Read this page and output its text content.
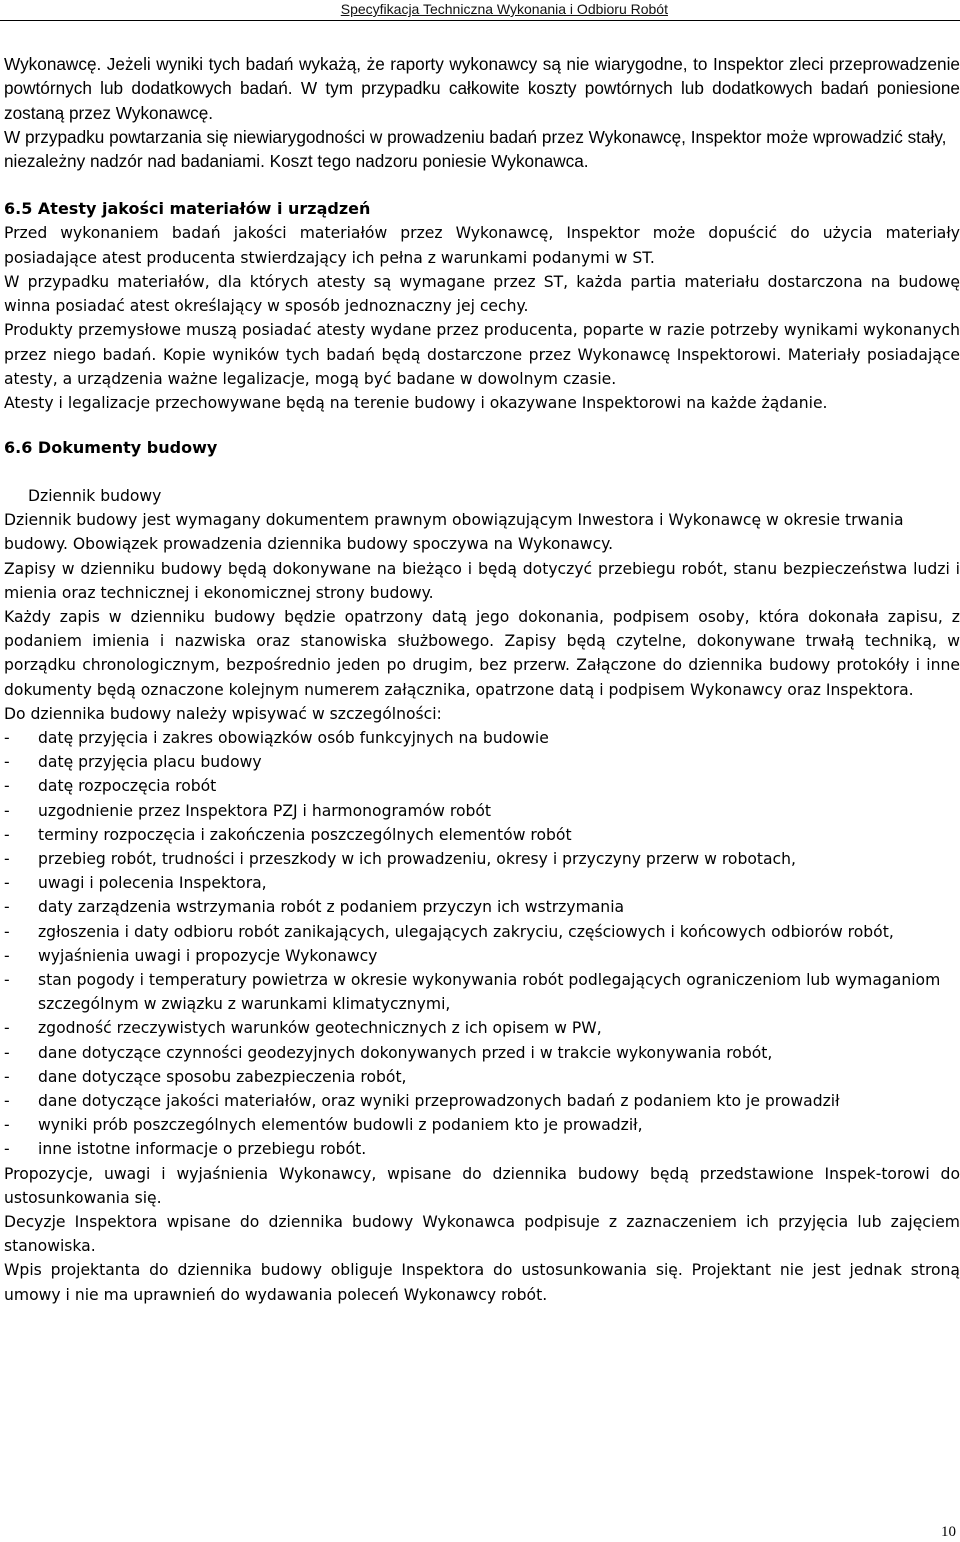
Specyfikacja Techniczna Wykonania i Odbioru Robót

Wykonawcę. Jeżeli wyniki tych badań wykażą, że raporty wykonawcy są nie wiarygodne, to Inspektor zleci przeprowadzenie powtórnych lub dodatkowych badań. W tym przypadku całkowite koszty powtórnych lub dodatkowych badań poniesione zostaną przez Wykonawcę.

W przypadku powtarzania się niewiarygodności w prowadzeniu badań przez Wykonawcę, Inspektor może wprowadzić stały, niezależny nadzór nad badaniami. Koszt tego nadzoru poniesie Wykonawca.

6.5 Atesty jakości materiałów i urządzeń

Przed wykonaniem badań jakości materiałów przez Wykonawcę, Inspektor może dopuścić do użycia materiały posiadające atest producenta stwierdzający ich pełna z warunkami podanymi w ST.

W przypadku materiałów, dla których atesty są wymagane przez ST, każda partia materiału dostarczona na budowę winna posiadać atest określający w sposób jednoznaczny jej cechy.

Produkty przemysłowe muszą posiadać atesty wydane przez producenta, poparte w razie potrzeby wynikami wykonanych przez niego badań. Kopie wyników tych badań będą dostarczone przez Wykonawcę Inspektorowi. Materiały posiadające atesty, a urządzenia ważne legalizacje, mogą być badane w dowolnym czasie.

Atesty i legalizacje przechowywane będą na terenie budowy i okazywane Inspektorowi na każde żądanie.

6.6 Dokumenty budowy

Dziennik budowy

Dziennik budowy jest wymagany dokumentem prawnym obowiązującym Inwestora i Wykonawcę w okresie trwania budowy. Obowiązek prowadzenia dziennika budowy spoczywa na Wykonawcy.

Zapisy w dzienniku budowy będą dokonywane na bieżąco i będą dotyczyć przebiegu robót, stanu bezpieczeństwa ludzi i mienia oraz technicznej i ekonomicznej strony budowy.

Każdy zapis w dzienniku budowy będzie opatrzony datą jego dokonania, podpisem osoby, która dokonała zapisu, z podaniem imienia i nazwiska oraz stanowiska służbowego. Zapisy będą czytelne, dokonywane trwałą techniką, w porządku chronologicznym, bezpośrednio jeden po drugim, bez przerw. Załączone do dziennika budowy protokóły i inne dokumenty będą oznaczone kolejnym numerem załącznika, opatrzone datą i podpisem Wykonawcy oraz Inspektora.

Do dziennika budowy należy wpisywać w szczególności:

- datę przyjęcia i zakres obowiązków osób funkcyjnych na budowie
- datę przyjęcia placu budowy
- datę rozpoczęcia robót
- uzgodnienie przez Inspektora PZJ i harmonogramów robót
- terminy rozpoczęcia i zakończenia poszczególnych elementów robót
- przebieg robót, trudności i przeszkody w ich prowadzeniu, okresy i przyczyny przerw w robotach,
- uwagi i polecenia Inspektora,
- daty zarządzenia wstrzymania robót z podaniem przyczyn ich wstrzymania
- zgłoszenia i daty odbioru robót zanikających, ulegających zakryciu, częściowych i końcowych odbiorów robót,
- wyjaśnienia uwagi i propozycje Wykonawcy
- stan pogody i temperatury powietrza w okresie wykonywania robót podlegających ograniczeniom lub wymaganiom szczególnym w związku z warunkami klimatycznymi,
- zgodność rzeczywistych warunków geotechnicznych z ich opisem w PW,
- dane dotyczące czynności geodezyjnych dokonywanych przed i w trakcie wykonywania robót,
- dane dotyczące sposobu zabezpieczenia robót,
- dane dotyczące jakości materiałów, oraz wyniki przeprowadzonych badań z podaniem kto je prowadził
- wyniki prób poszczególnych elementów budowli z podaniem kto je prowadził,
- inne istotne informacje o przebiegu robót.

Propozycje, uwagi i wyjaśnienia Wykonawcy, wpisane do dziennika budowy będą przedstawione Inspek-torowi do ustosunkowania się.

Decyzje Inspektora wpisane do dziennika budowy Wykonawca podpisuje z zaznaczeniem ich przyjęcia lub zajęciem stanowiska.

Wpis projektanta do dziennika budowy obliguje Inspektora do ustosunkowania się. Projektant nie jest jednak stroną umowy i nie ma uprawnień do wydawania poleceń Wykonawcy robót.

10
